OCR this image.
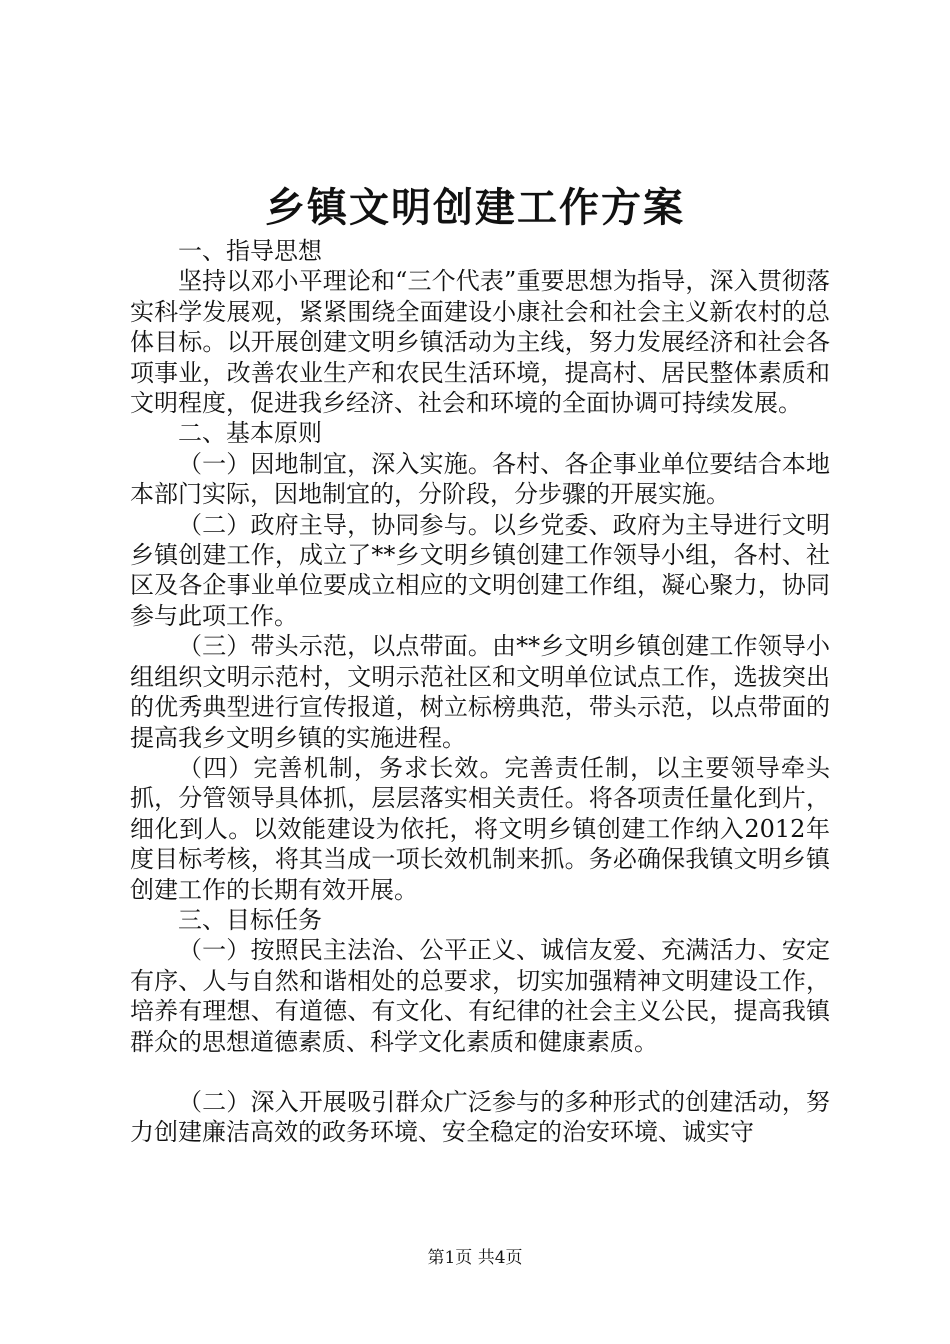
乡镇文明创建工作方案

一、指导思想

坚持以邓小平理论和“三个代表”重要思想为指导，深入贯彻落实科学发展观，紧紧围绕全面建设小康社会和社会主义新农村的总体目标。以开展创建文明乡镇活动为主线，努力发展经济和社会各项事业，改善农业生产和农民生活环境，提高村、居民整体素质和文明程度，促进我乡经济、社会和环境的全面协调可持续发展。

二、基本原则

（一）因地制宜，深入实施。各村、各企事业单位要结合本地本部门实际，因地制宜的，分阶段，分步骤的开展实施。

（二）政府主导，协同参与。以乡党委、政府为主导进行文明乡镇创建工作，成立了**乡文明乡镇创建工作领导小组，各村、社区及各企事业单位要成立相应的文明创建工作组，凝心聚力，协同参与此项工作。

（三）带头示范，以点带面。由**乡文明乡镇创建工作领导小组组织文明示范村，文明示范社区和文明单位试点工作，选拔突出的优秀典型进行宣传报道，树立标榜典范，带头示范，以点带面的提高我乡文明乡镇的实施进程。

（四）完善机制，务求长效。完善责任制，以主要领导牵头抓，分管领导具体抓，层层落实相关责任。将各项责任量化到片，细化到人。以效能建设为依托，将文明乡镇创建工作纳入2012年度目标考核，将其当成一项长效机制来抓。务必确保我镇文明乡镇创建工作的长期有效开展。

三、目标任务

（一）按照民主法治、公平正义、诚信友爱、充满活力、安定有序、人与自然和谐相处的总要求，切实加强精神文明建设工作，培养有理想、有道德、有文化、有纪律的社会主义公民，提高我镇群众的思想道德素质、科学文化素质和健康素质。

（二）深入开展吸引群众广泛参与的多种形式的创建活动，努力创建廉洁高效的政务环境、安全稳定的治安环境、诚实守

第1页 共4页
